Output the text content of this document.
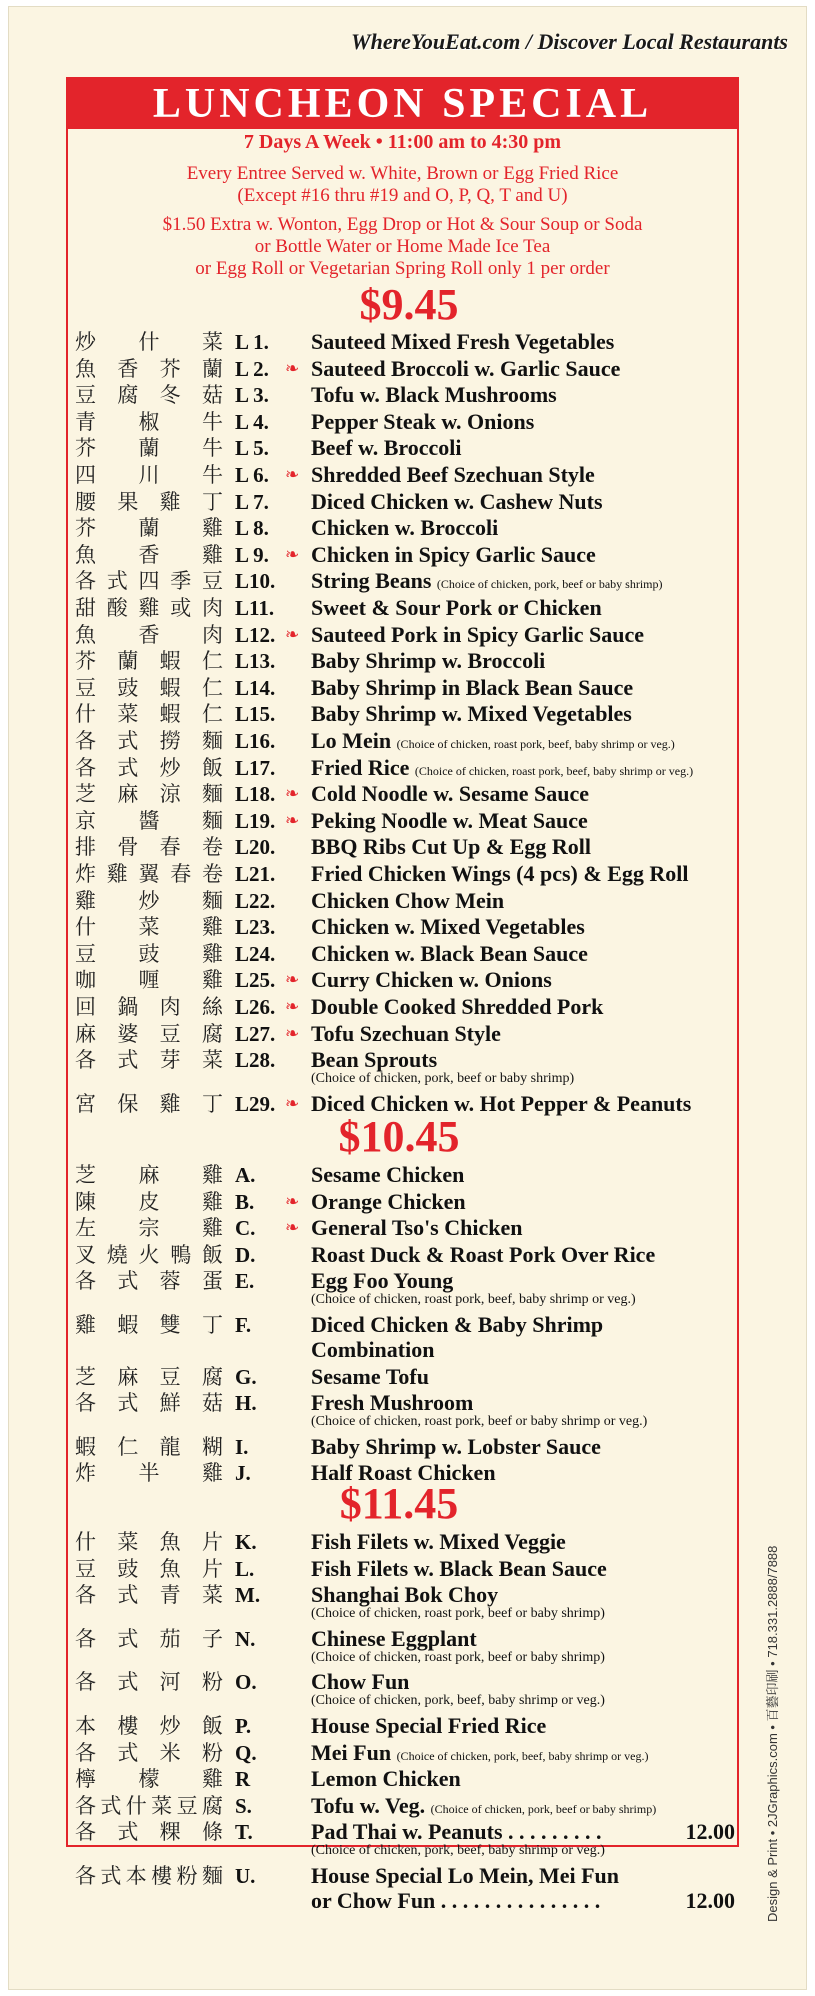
WhereYouEat.com / Discover Local Restaurants
LUNCHEON SPECIAL
7 Days A Week • 11:00 am to 4:30 pm
Every Entree Served w. White, Brown or Egg Fried Rice
(Except #16 thru #19 and O, P, Q, T and U)
$1.50 Extra w. Wonton, Egg Drop or Hot & Sour Soup or Soda
or Bottle Water or Home Made Ice Tea
or Egg Roll or Vegetarian Spring Roll only 1 per order
$9.45
$10.45
$11.45
炒 什 菜 L 1. Sauteed Mixed Fresh Vegetables
魚 香 芥 蘭 L 2. ❧ Sauteed Broccoli w. Garlic Sauce
豆 腐 冬 菇 L 3. Tofu w. Black Mushrooms
青 椒 牛 L 4. Pepper Steak w. Onions
芥 蘭 牛 L 5. Beef w. Broccoli
四 川 牛 L 6. ❧ Shredded Beef Szechuan Style
腰 果 雞 丁 L 7. Diced Chicken w. Cashew Nuts
芥 蘭 雞 L 8. Chicken w. Broccoli
魚 香 雞 L 9. ❧ Chicken in Spicy Garlic Sauce
各 式 四 季 豆 L10. String Beans (Choice of chicken, pork, beef or baby shrimp)
甜 酸 雞 或 肉 L11. Sweet & Sour Pork or Chicken
魚 香 肉 L12. ❧ Sauteed Pork in Spicy Garlic Sauce
芥 蘭 蝦 仁 L13. Baby Shrimp w. Broccoli
豆 豉 蝦 仁 L14. Baby Shrimp in Black Bean Sauce
什 菜 蝦 仁 L15. Baby Shrimp w. Mixed Vegetables
各 式 撈 麵 L16. Lo Mein (Choice of chicken, roast pork, beef, baby shrimp or veg.)
各 式 炒 飯 L17. Fried Rice (Choice of chicken, roast pork, beef, baby shrimp or veg.)
芝 麻 涼 麵 L18. ❧ Cold Noodle w. Sesame Sauce
京 醬 麵 L19. ❧ Peking Noodle w. Meat Sauce
排 骨 春 卷 L20. BBQ Ribs Cut Up & Egg Roll
炸 雞 翼 春 卷 L21. Fried Chicken Wings (4 pcs) & Egg Roll
雞 炒 麵 L22. Chicken Chow Mein
什 菜 雞 L23. Chicken w. Mixed Vegetables
豆 豉 雞 L24. Chicken w. Black Bean Sauce
咖 喱 雞 L25. ❧ Curry Chicken w. Onions
回 鍋 肉 絲 L26. ❧ Double Cooked Shredded Pork
麻 婆 豆 腐 L27. ❧ Tofu Szechuan Style
各 式 芽 菜 L28. Bean Sprouts
(Choice of chicken, pork, beef or baby shrimp)
宮 保 雞 丁 L29. ❧ Diced Chicken w. Hot Pepper & Peanuts
芝 麻 雞 A.	Sesame Chicken
陳 皮 雞 B. ❧ Orange Chicken
左 宗 雞 C. ❧ General Tso's Chicken
叉 燒 火 鴨 飯 D.	Roast Duck & Roast Pork Over Rice
各 式 蓉 蛋 E.	Egg Foo Young
(Choice of chicken, roast pork, beef, baby shrimp or veg.)
雞 蝦 雙 丁 F.	Diced Chicken & Baby Shrimp
Combination
芝 麻 豆 腐 G. Sesame Tofu
各 式 鮮 菇 H. Fresh Mushroom
(Choice of chicken, roast pork, beef or baby shrimp or veg.)
蝦 仁 龍 糊 I.	Baby Shrimp w. Lobster Sauce
炸 半 雞 J.	Half Roast Chicken
什 菜 魚 片 K. Fish Filets w. Mixed Veggie
豆 豉 魚 片 L.	Fish Filets w. Black Bean Sauce
各 式 青 菜 M. Shanghai Bok Choy
(Choice of chicken, roast pork, beef or baby shrimp)
各 式 茄 子 N.	Chinese Eggplant
(Choice of chicken, roast pork, beef or baby shrimp)
各 式 河 粉 O. Chow Fun
(Choice of chicken, pork, beef, baby shrimp or veg.)
本 樓 炒 飯 P.	House Special Fried Rice
各 式 米 粉 Q. Mei Fun (Choice of chicken, pork, beef, baby shrimp or veg.)
檸 檬 雞 R	Lemon Chicken
各 式 什 菜 豆 腐 S.	Tofu w. Veg. (Choice of chicken, pork, beef or baby shrimp)
各 式 粿 條 T.	Pad Thai w. Peanuts . . . . . . . . .	12.00
(Choice of chicken, pork, beef, baby shrimp or veg.)
各 式 本 樓 粉 麵 U.	House Special Lo Mein, Mei Fun
or Chow Fun . . . . . . . . . . . . . . .	12.00 Design & Print • 2JGraphics.com • 百藝印刷 • 718.331.2888/7888
